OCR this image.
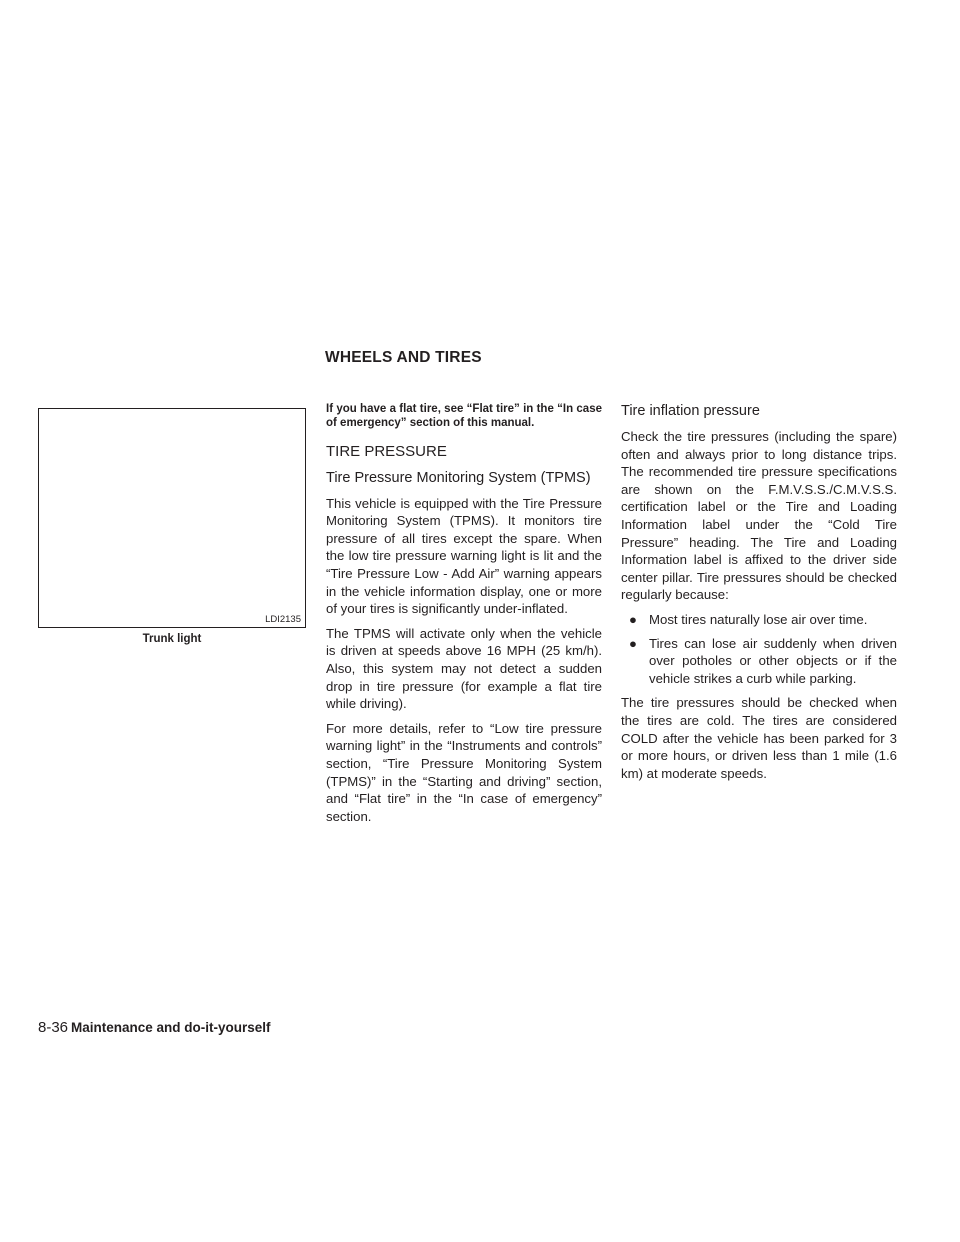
WHEELS AND TIRES
LDI2135
Trunk light

If you have a flat tire, see “Flat tire” in the “In case of emergency” section of this manual.

TIRE PRESSURE
Tire Pressure Monitoring System (TPMS)

This vehicle is equipped with the Tire Pressure Monitoring System (TPMS). It monitors tire pressure of all tires except the spare. When the low tire pressure warning light is lit and the “Tire Pressure Low - Add Air” warning appears in the vehicle information display, one or more of your tires is significantly under-inflated.

The TPMS will activate only when the vehicle is driven at speeds above 16 MPH (25 km/h). Also, this system may not detect a sudden drop in tire pressure (for example a flat tire while driving).

For more details, refer to “Low tire pressure warning light” in the “Instruments and controls” section, “Tire Pressure Monitoring System (TPMS)” in the “Starting and driving” section, and “Flat tire” in the “In case of emergency” section.

Tire inflation pressure

Check the tire pressures (including the spare) often and always prior to long distance trips. The recommended tire pressure specifications are shown on the F.M.V.S.S./C.M.V.S.S. certification label or the Tire and Loading Information label under the “Cold Tire Pressure” heading. The Tire and Loading Information label is affixed to the driver side center pillar. Tire pressures should be checked regularly because:

● Most tires naturally lose air over time.
● Tires can lose air suddenly when driven over potholes or other objects or if the vehicle strikes a curb while parking.

The tire pressures should be checked when the tires are cold. The tires are considered COLD after the vehicle has been parked for 3 or more hours, or driven less than 1 mile (1.6 km) at moderate speeds.

8-36 Maintenance and do-it-yourself
